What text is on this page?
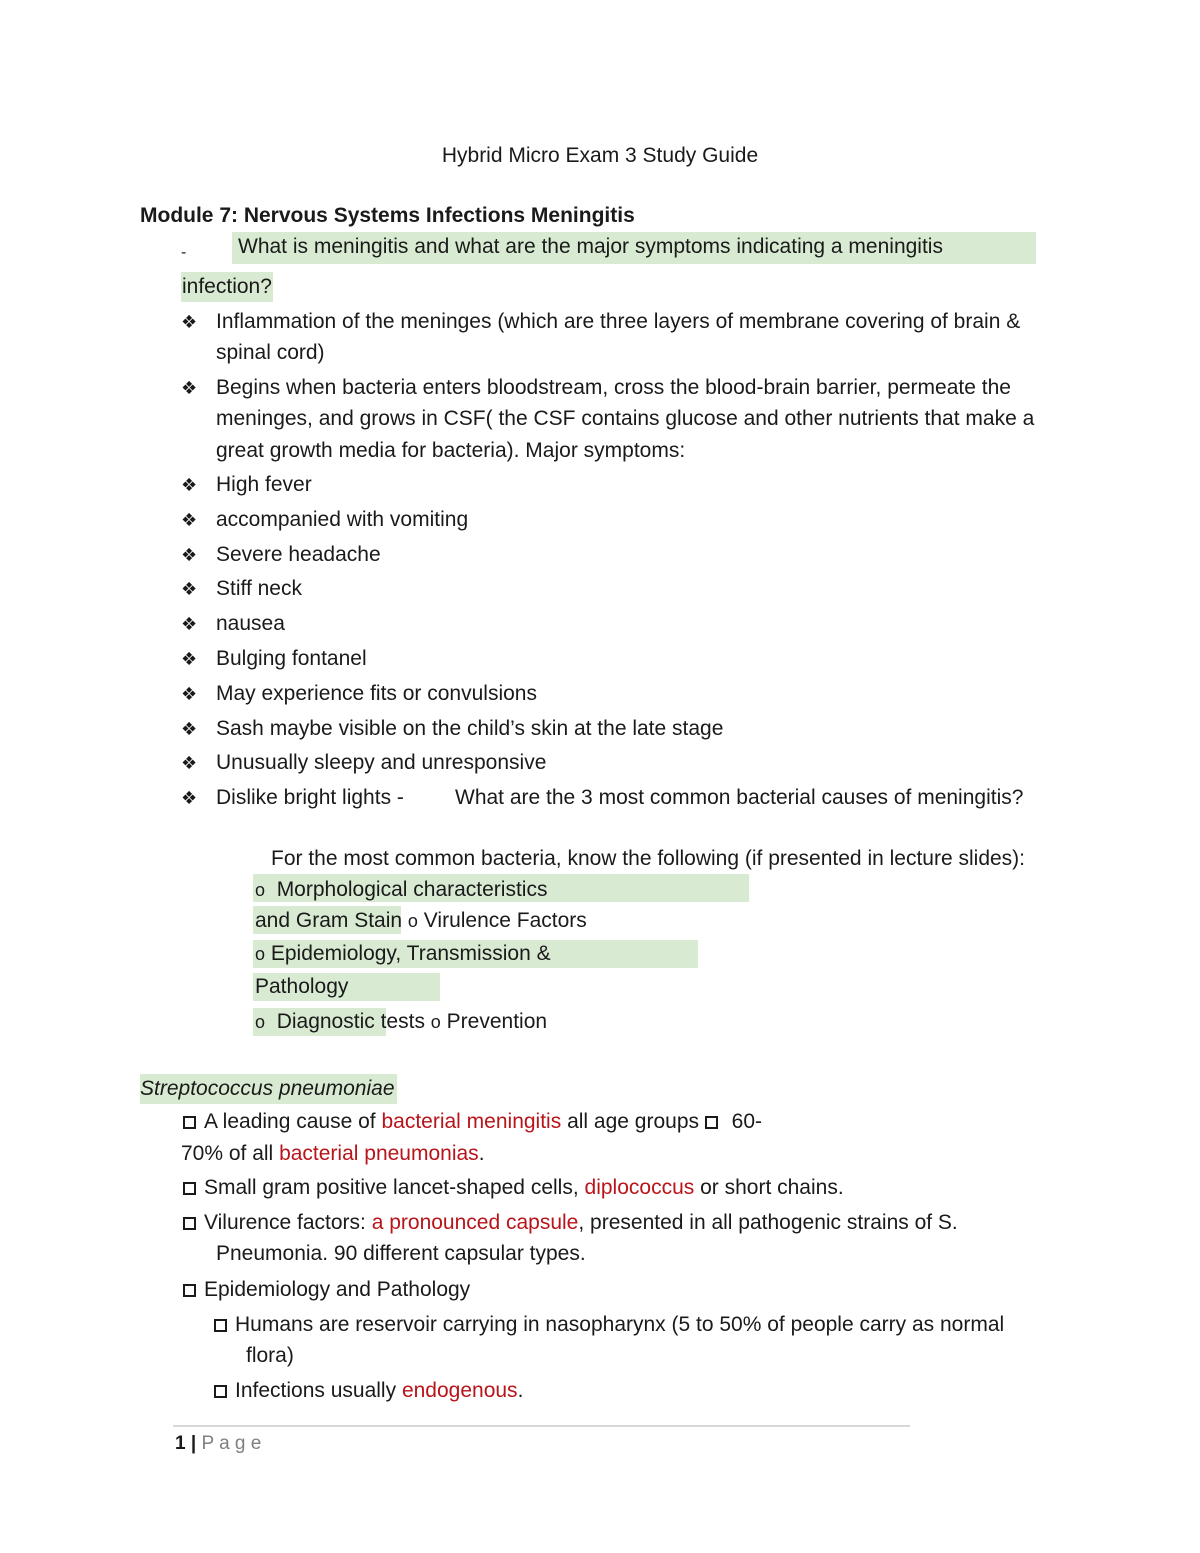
Hybrid Micro Exam 3 Study Guide
Module 7: Nervous Systems Infections Meningitis
- What is meningitis and what are the major symptoms indicating a meningitis
infection?
❖ Inflammation of the meninges (which are three layers of membrane covering of brain &
spinal cord)
❖ Begins when bacteria enters bloodstream, cross the blood-brain barrier, permeate the
meninges, and grows in CSF( the CSF contains glucose and other nutrients that make a
great growth media for bacteria). Major symptoms:
❖ High fever
❖ accompanied with vomiting
❖ Severe headache
❖ Stiff neck
❖ nausea
❖ Bulging fontanel
❖ May experience fits or convulsions
❖ Sash maybe visible on the child’s skin at the late stage
❖ Unusually sleepy and unresponsive
❖ Dislike bright lights - What are the 3 most common bacterial causes of meningitis?
For the most common bacteria, know the following (if presented in lecture slides):
o Morphological characteristics
and Gram Stain o Virulence Factors
o Epidemiology, Transmission &
Pathology
o Diagnostic tests o Prevention
Streptococcus pneumoniae
A leading cause of bacterial meningitis all age groups  60-
70% of all bacterial pneumonias.
Small gram positive lancet-shaped cells, diplococcus or short chains.
Vilurence factors: a pronounced capsule, presented in all pathogenic strains of S.
Pneumonia. 90 different capsular types.
Epidemiology and Pathology
Humans are reservoir carrying in nasopharynx (5 to 50% of people carry as normal
flora)
Infections usually endogenous.
1 | P a g e
